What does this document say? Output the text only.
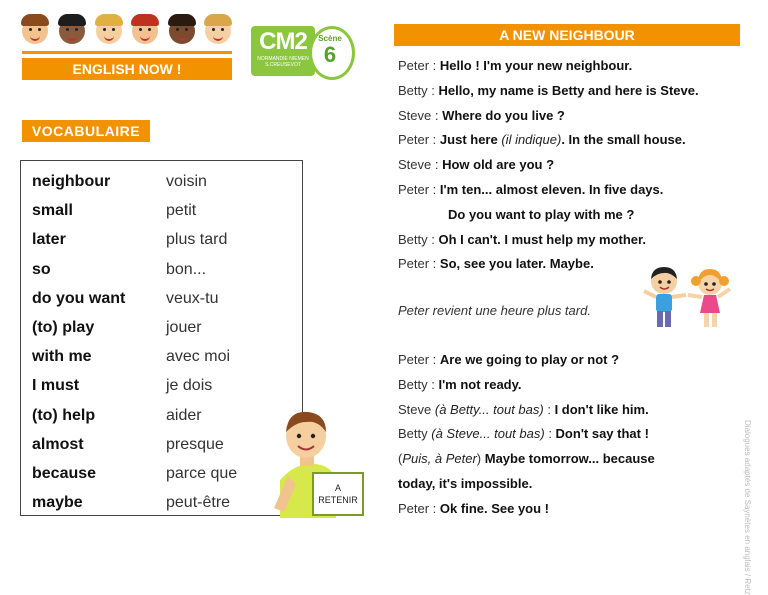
CM2
NORMANDIE NIEMEN
S.CREUSEVOT
Scène
6
ENGLISH NOW !
VOCABULAIRE
neighbour	voisin
small	petit
later	plus tard
so	bon...
do you want	veux-tu
(to) play	jouer
with me	avec moi
I must	je dois
(to) help	aider
almost	presque
because	parce que
maybe	peut-être
A
RETENIR
A NEW NEIGHBOUR
Peter : Hello ! I'm your new neighbour.
Betty : Hello, my name is Betty and here is Steve.
Steve : Where do you live ?
Peter : Just here (il indique). In the small house.
Steve : How old are you ?
Peter : I'm ten... almost eleven. In five days.
Do you want to play with me ?
Betty : Oh I can't. I must help my mother.
Peter : So, see you later. Maybe.
Peter : Are we going to play or not ?
Betty : I'm not ready.
Steve (à Betty... tout bas) : I don't like him.
Betty (à Steve... tout bas) : Don't say that !
(Puis, à Peter) Maybe tomorrow... because
today, it's impossible.
Peter : Ok fine. See you !
Peter revient une heure plus tard.
Dialogues adaptés de Saynètes en anglais / Retz
